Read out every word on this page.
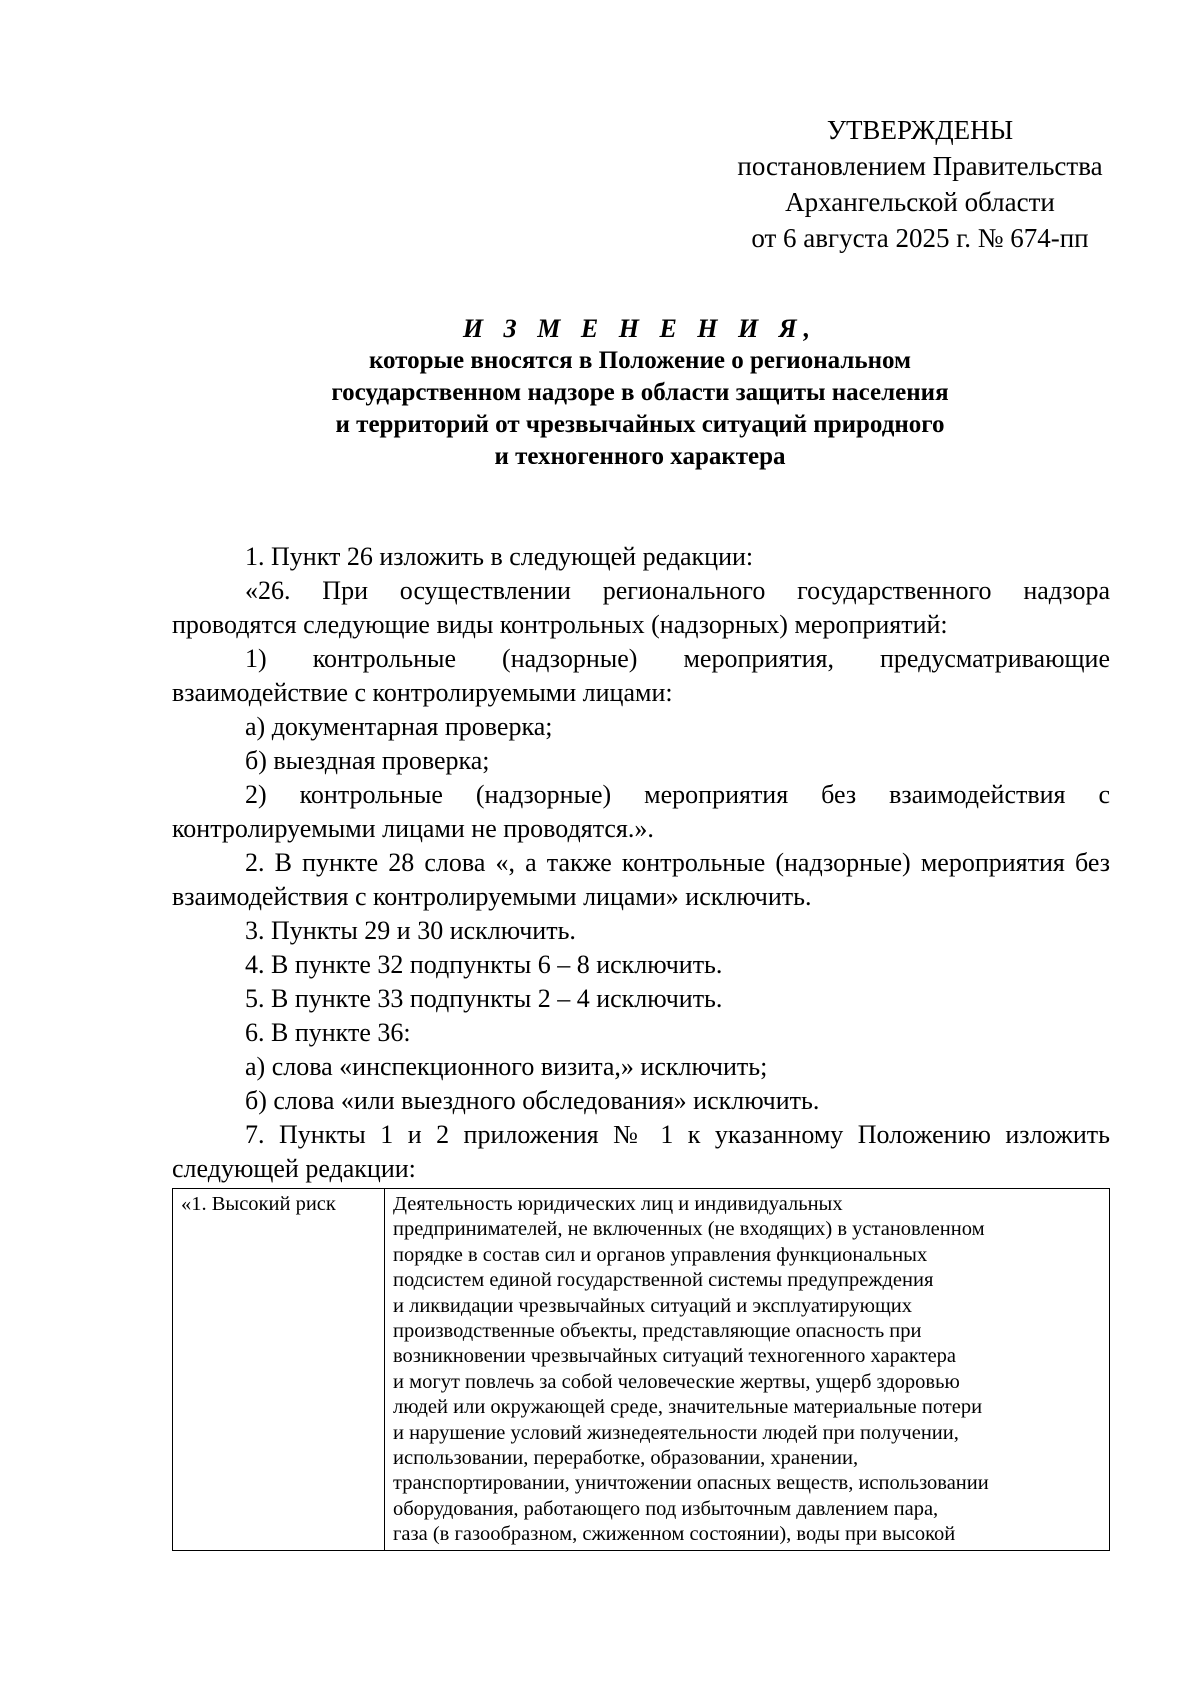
УТВЕРЖДЕНЫ
постановлением Правительства
Архангельской области
от 6 августа 2025 г. № 674-пп
И З М Е Н Е Н И Я,
которые вносятся в Положение о региональном
государственном надзоре в области защиты населения
и территорий от чрезвычайных ситуаций природного
и техногенного характера

1. Пункт 26 изложить в следующей редакции:

«26. При осуществлении регионального государственного надзора проводятся следующие виды контрольных (надзорных) мероприятий:

1) контрольные (надзорные) мероприятия, предусматривающие взаимодействие с контролируемыми лицами:

а) документарная проверка;

б) выездная проверка;

2) контрольные (надзорные) мероприятия без взаимодействия с контролируемыми лицами не проводятся.».

2. В пункте 28 слова «, а также контрольные (надзорные) мероприятия без взаимодействия с контролируемыми лицами» исключить.

3. Пункты 29 и 30 исключить.

4. В пункте 32 подпункты 6 – 8 исключить.

5. В пункте 33 подпункты 2 – 4 исключить.

6. В пункте 36:

а) слова «инспекционного визита,» исключить;

б) слова «или выездного обследования» исключить.

7. Пункты 1 и 2 приложения № 1 к указанному Положению изложить следующей редакции:

«1. Высокий риск	Деятельность юридических лиц и индивидуальных
предпринимателей, не включенных (не входящих) в установленном
порядке в состав сил и органов управления функциональных
подсистем единой государственной системы предупреждения
и ликвидации чрезвычайных ситуаций и эксплуатирующих
производственные объекты, представляющие опасность при
возникновении чрезвычайных ситуаций техногенного характера
и могут повлечь за собой человеческие жертвы, ущерб здоровью
людей или окружающей среде, значительные материальные потери
и нарушение условий жизнедеятельности людей при получении,
использовании, переработке, образовании, хранении,
транспортировании, уничтожении опасных веществ, использовании
оборудования, работающего под избыточным давлением пара,
газа (в газообразном, сжиженном состоянии), воды при высокой
